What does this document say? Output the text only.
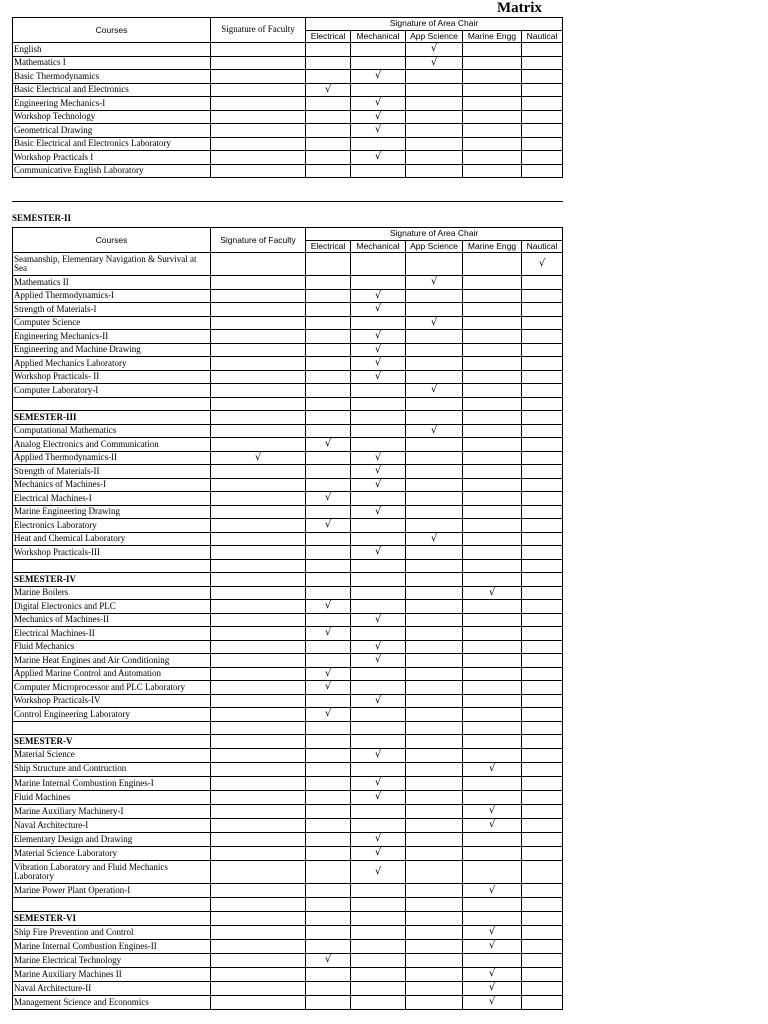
Matrix
Courses	Signature of Faculty	Signature of Area Chair				
		Electrical	Mechanical	App Science	Marine Engg	Nautical
English				√		
Mathematics I				√		
Basic Thermodynamics			√			
Basic Electrical and Electronics		√				
Engineering Mechanics-I			√			
Workshop Technology			√			
Geometrical Drawing			√			
Basic Electrical and Electronics Laboratory						
Workshop Practicals I			√			
Communicative English Laboratory						
SEMESTER-II
Courses	Signature of Faculty	Signature of Area Chair				
		Electrical	Mechanical	App Science	Marine Engg	Nautical
Seamanship, Elementary Navigation & Survival at Sea						√
Mathematics II				√		
Applied Thermodynamics-I			√			
Strength of Materials-I			√			
Computer Science				√		
Engineering Mechanics-II			√			
Engineering and Machine Drawing			√			
Applied Mechanics Laboratory			√			
Workshop Practicals- II			√			
Computer Laboratory-I				√		

SEMESTER-III						
Computational Mathematics				√		
Analog Electronics and Communication		√				
Applied Thermodynamics-II	√		√			
Strength of Materials-II			√			
Mechanics of Machines-I			√			
Electrical Machines-I		√				
Marine Engineering Drawing			√			
Electronics Laboratory		√				
Heat and Chemical Laboratory				√		
Workshop Practicals-III			√			

SEMESTER-IV						
Marine Boilers					√	
Digital Electronics and PLC		√				
Mechanics of Machines-II			√			
Electrical Machines-II		√				
Fluid Mechanics			√			
Marine Heat Engines and Air Conditioning			√			
Applied Marine Control and Automation		√				
Computer Microprocessor and PLC Laboratory		√				
Workshop Practicals-IV			√			
Control Engineering Laboratory		√				

SEMESTER-V						
Material Science			√			
Ship Structure and Contruction					√	
Marine Internal Combustion Engines-I			√			
Fluid Machines			√			
Marine Auxiliary Machinery-I					√	
Naval Architecture-I					√	
Elementary Design and Drawing			√			
Material Science Laboratory			√			
Vibration Laboratory and Fluid Mechanics Laboratory			√			
Marine Power Plant Operation-I					√	

SEMESTER-VI						
Ship Fire Prevention and Control					√	
Marine Internal Combustion Engines-II					√	
Marine Electrical Technology		√				
Marine Auxiliary Machines II					√	
Naval Architecture-II					√	
Management Science and Economics					√	
